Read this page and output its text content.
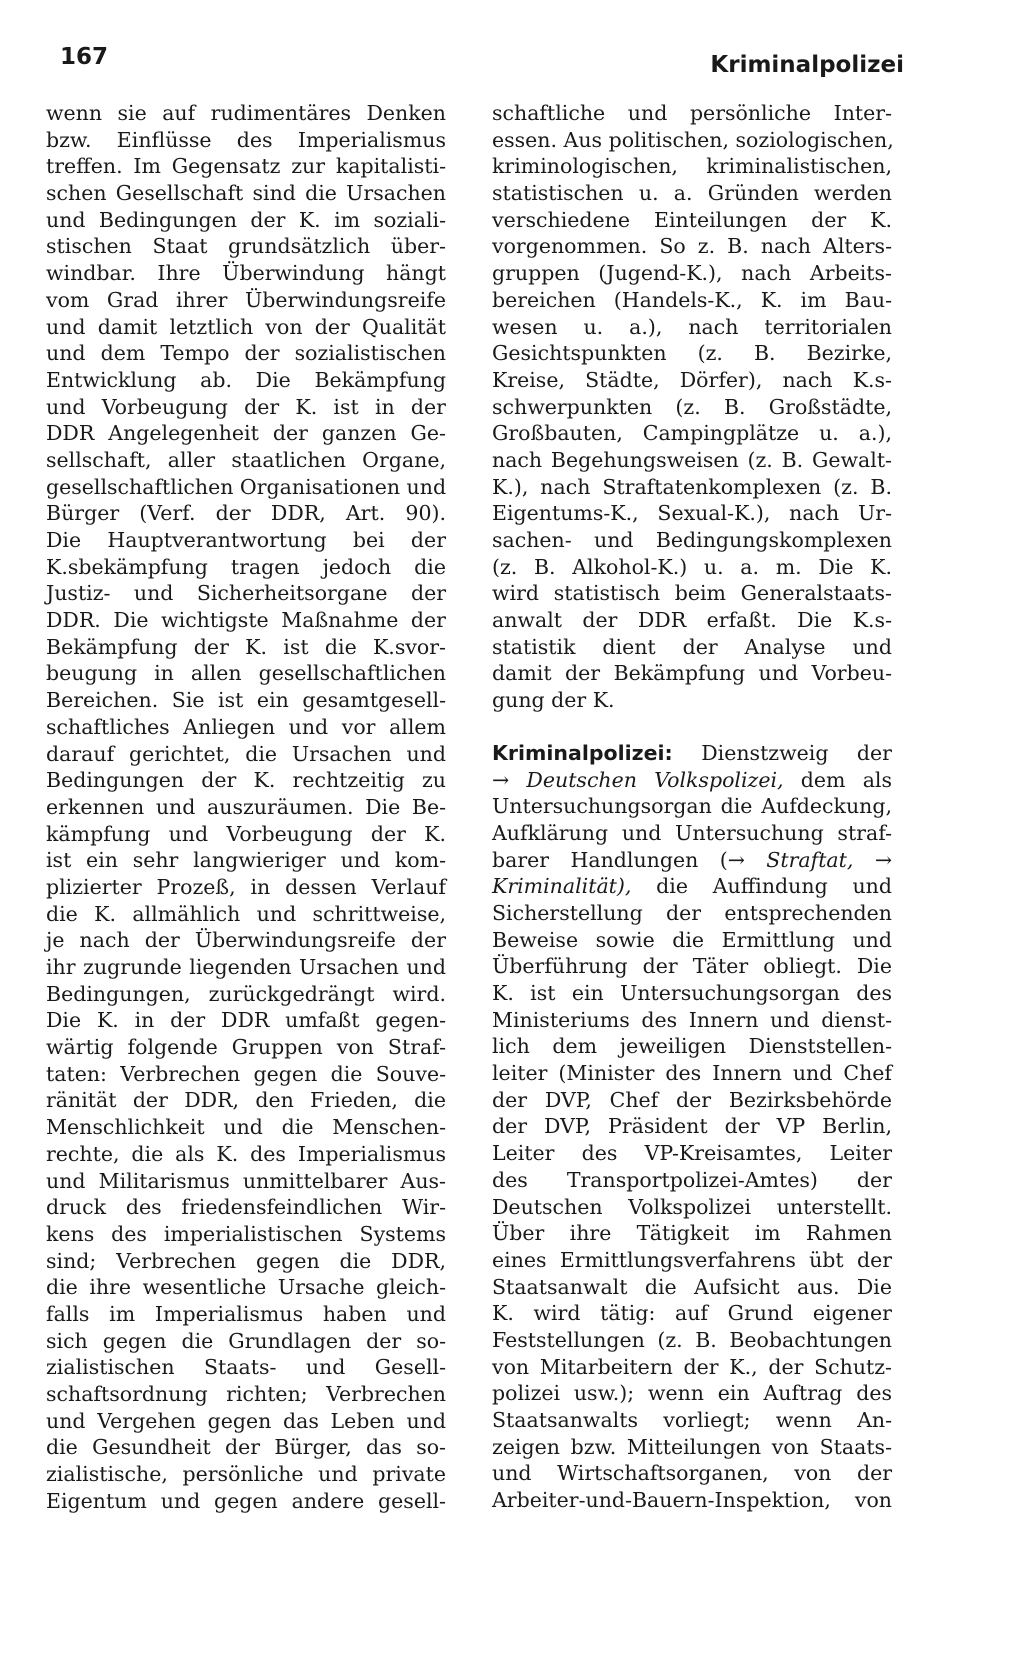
167	Kriminalpolizei
wenn sie auf rudimentäres Denken
bzw. Einflüsse des Imperialismus
treffen. Im Gegensatz zur kapitalisti-
schen Gesellschaft sind die Ursachen
und Bedingungen der K. im soziali-
stischen Staat grundsätzlich über-
windbar. Ihre Überwindung hängt
vom Grad ihrer Überwindungsreife
und damit letztlich von der Qualität
und dem Tempo der sozialistischen
Entwicklung ab. Die Bekämpfung
und Vorbeugung der K. ist in der
DDR Angelegenheit der ganzen Ge-
sellschaft, aller staatlichen Organe,
gesellschaftlichen Organisationen und
Bürger (Verf. der DDR, Art. 90).
Die Hauptverantwortung bei der
K.sbekämpfung tragen jedoch die
Justiz- und Sicherheitsorgane der
DDR. Die wichtigste Maßnahme der
Bekämpfung der K. ist die K.svor-
beugung in allen gesellschaftlichen
Bereichen. Sie ist ein gesamtgesell-
schaftliches Anliegen und vor allem
darauf gerichtet, die Ursachen und
Bedingungen der K. rechtzeitig zu
erkennen und auszuräumen. Die Be-
kämpfung und Vorbeugung der K.
ist ein sehr langwieriger und kom-
plizierter Prozeß, in dessen Verlauf
die K. allmählich und schrittweise,
je nach der Überwindungsreife der
ihr zugrunde liegenden Ursachen und
Bedingungen, zurückgedrängt wird.
Die K. in der DDR umfaßt gegen-
wärtig folgende Gruppen von Straf-
taten: Verbrechen gegen die Souve-
ränität der DDR, den Frieden, die
Menschlichkeit und die Menschen-
rechte, die als K. des Imperialismus
und Militarismus unmittelbarer Aus-
druck des friedensfeindlichen Wir-
kens des imperialistischen Systems
sind; Verbrechen gegen die DDR,
die ihre wesentliche Ursache gleich-
falls im Imperialismus haben und
sich gegen die Grundlagen der so-
zialistischen Staats- und Gesell-
schaftsordnung richten; Verbrechen
und Vergehen gegen das Leben und
die Gesundheit der Bürger, das so-
zialistische, persönliche und private
Eigentum und gegen andere gesell-
schaftliche und persönliche Inter-
essen. Aus politischen, soziologischen,
kriminologischen, kriminalistischen,
statistischen u. a. Gründen werden
verschiedene Einteilungen der K.
vorgenommen. So z. B. nach Alters-
gruppen (Jugend-K.), nach Arbeits-
bereichen (Handels-K., K. im Bau-
wesen u. a.), nach territorialen
Gesichtspunkten (z. B. Bezirke,
Kreise, Städte, Dörfer), nach K.s-
schwerpunkten (z. B. Großstädte,
Großbauten, Campingplätze u. a.),
nach Begehungsweisen (z. B. Gewalt-
K.), nach Straftatenkomplexen (z. B.
Eigentums-K., Sexual-K.), nach Ur-
sachen- und Bedingungskomplexen
(z. B. Alkohol-K.) u. a. m. Die K.
wird statistisch beim Generalstaats-
anwalt der DDR erfaßt. Die K.s-
statistik dient der Analyse und
damit der Bekämpfung und Vorbeu-
gung der K.
Kriminalpolizei: Dienstzweig der
→ Deutschen Volkspolizei, dem als
Untersuchungsorgan die Aufdeckung,
Aufklärung und Untersuchung straf-
barer Handlungen (→ Straftat, →
Kriminalität), die Auffindung und
Sicherstellung der entsprechenden
Beweise sowie die Ermittlung und
Überführung der Täter obliegt. Die
K. ist ein Untersuchungsorgan des
Ministeriums des Innern und dienst-
lich dem jeweiligen Dienststellen-
leiter (Minister des Innern und Chef
der DVP, Chef der Bezirksbehörde
der DVP, Präsident der VP Berlin,
Leiter des VP-Kreisamtes, Leiter
des Transportpolizei-Amtes) der
Deutschen Volkspolizei unterstellt.
Über ihre Tätigkeit im Rahmen
eines Ermittlungsverfahrens übt der
Staatsanwalt die Aufsicht aus. Die
K. wird tätig: auf Grund eigener
Feststellungen (z. B. Beobachtungen
von Mitarbeitern der K., der Schutz-
polizei usw.); wenn ein Auftrag des
Staatsanwalts vorliegt; wenn An-
zeigen bzw. Mitteilungen von Staats-
und Wirtschaftsorganen, von der
Arbeiter-und-Bauern-Inspektion, von
